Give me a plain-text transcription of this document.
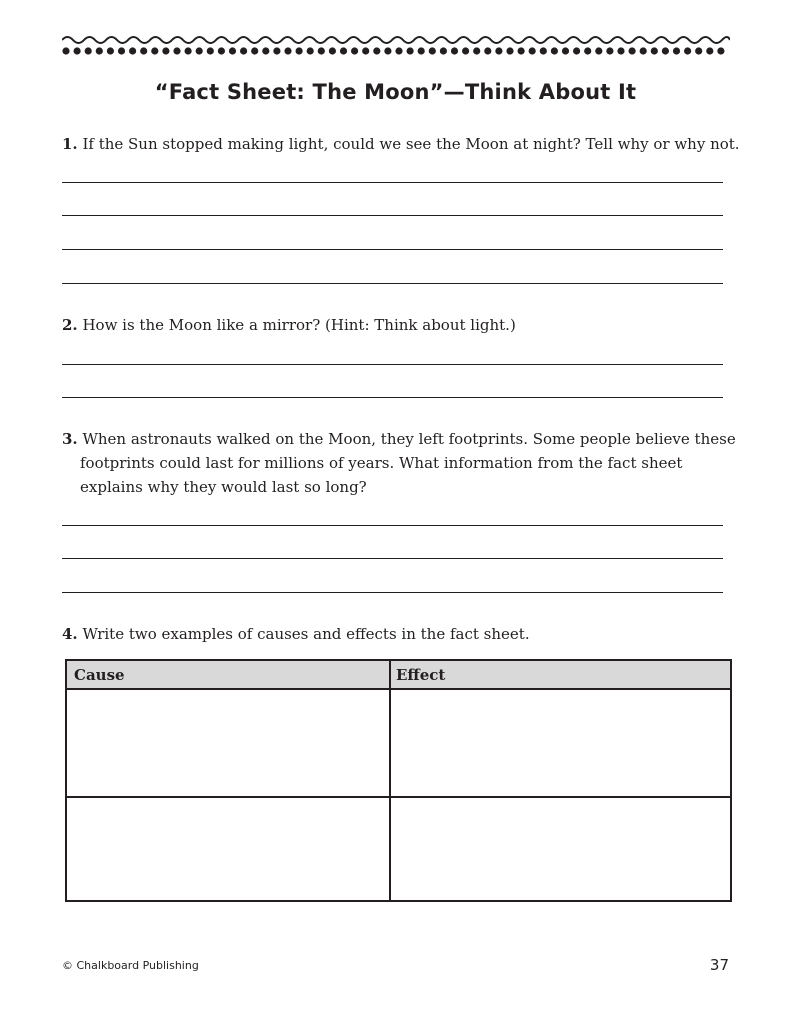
“Fact Sheet: The Moon”—Think About It
1. If the Sun stopped making light, could we see the Moon at night? Tell why or why not.
2. How is the Moon like a mirror? (Hint: Think about light.)
3. When astronauts walked on the Moon, they left footprints. Some people believe these footprints could last for millions of years. What information from the fact sheet explains why they would last so long?
4. Write two examples of causes and effects in the fact sheet.
Cause	Effect
© Chalkboard Publishing	37
